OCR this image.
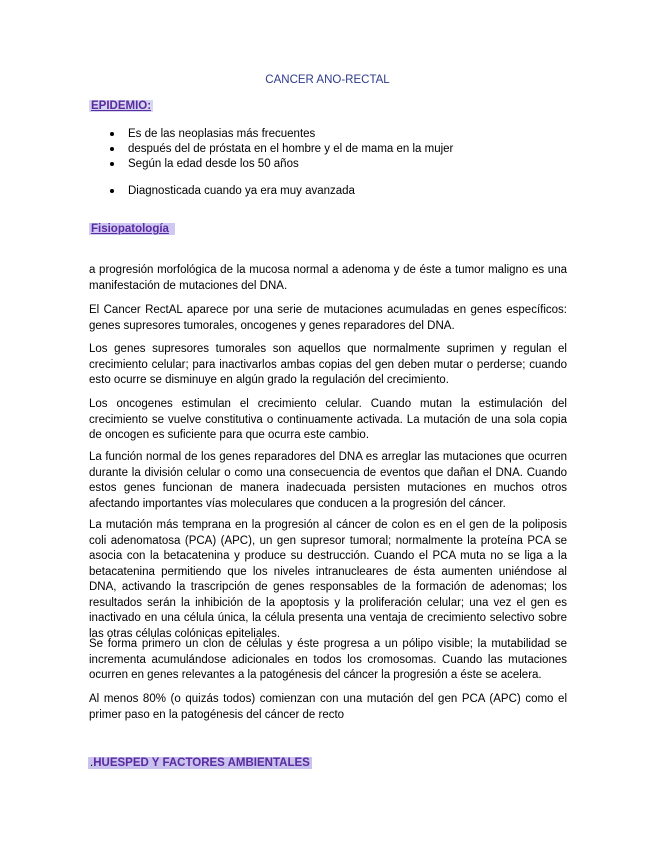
CANCER ANO-RECTAL
EPIDEMIO:
Es de las neoplasias más frecuentes
después del de próstata en el hombre y el de mama en la mujer
Según la edad desde los 50 años
Diagnosticada cuando ya era muy avanzada
Fisiopatología

a progresión morfológica de la mucosa normal a adenoma y de éste a tumor maligno es una manifestación de mutaciones del DNA.

El Cancer RectAL aparece por una serie de mutaciones acumuladas en genes específicos: genes supresores tumorales, oncogenes y genes reparadores del DNA.

Los genes supresores tumorales son aquellos que normalmente suprimen y regulan el crecimiento celular; para inactivarlos ambas copias del gen deben mutar o perderse; cuando esto ocurre se disminuye en algún grado la regulación del crecimiento.

Los oncogenes estimulan el crecimiento celular. Cuando mutan la estimulación del crecimiento se vuelve constitutiva o continuamente activada. La mutación de una sola copia de oncogen es suficiente para que ocurra este cambio.

La función normal de los genes reparadores del DNA es arreglar las mutaciones que ocurren durante la división celular o como una consecuencia de eventos que dañan el DNA. Cuando estos genes funcionan de manera inadecuada persisten mutaciones en muchos otros afectando importantes vías moleculares que conducen a la progresión del cáncer.

La mutación más temprana en la progresión al cáncer de colon es en el gen de la poliposis coli adenomatosa (PCA) (APC), un gen supresor tumoral; normalmente la proteína PCA se asocia con la betacatenina y produce su destrucción. Cuando el PCA muta no se liga a la betacatenina permitiendo que los niveles intranucleares de ésta aumenten uniéndose al DNA, activando la trascripción de genes responsables de la formación de adenomas; los resultados serán la inhibición de la apoptosis y la proliferación celular; una vez el gen es inactivado en una célula única, la célula presenta una ventaja de crecimiento selectivo sobre las otras células colónicas epiteliales.

Se forma primero un clon de células y éste progresa a un pólipo visible; la mutabilidad se incrementa acumulándose adicionales en todos los cromosomas. Cuando las mutaciones ocurren en genes relevantes a la patogénesis del cáncer la progresión a éste se acelera.

Al menos 80% (o quizás todos) comienzan con una mutación del gen PCA (APC) como el primer paso en la patogénesis del cáncer de recto

.HUESPED Y FACTORES AMBIENTALES
